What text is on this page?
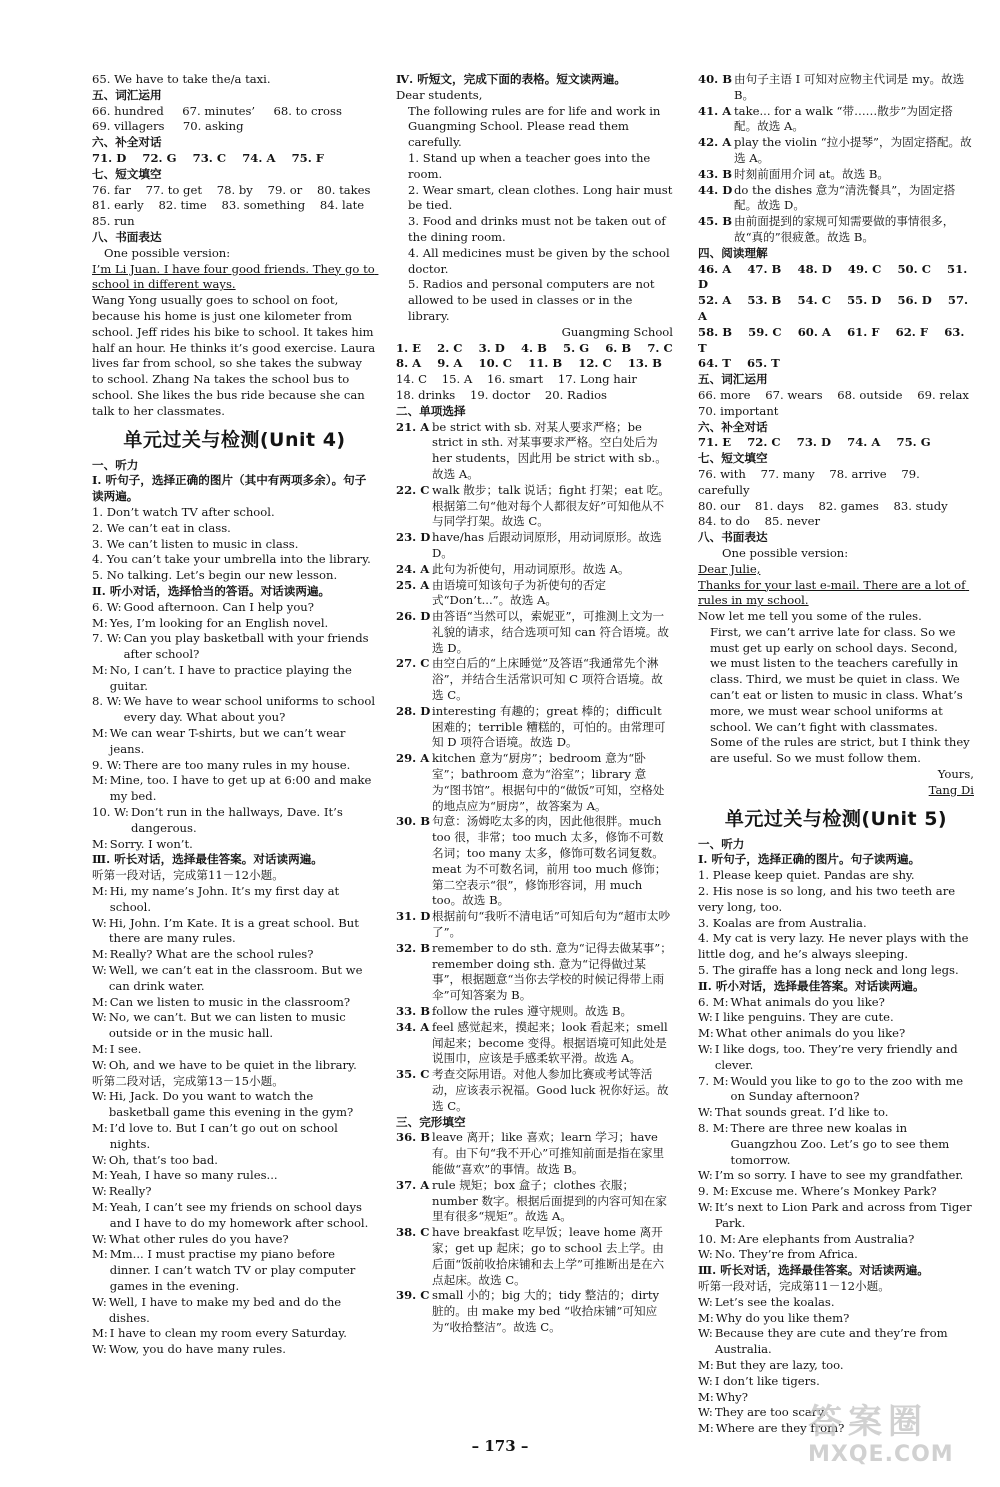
65. We have to take the/a taxi.
五、词汇运用
66. hundred     67. minutes’     68. to cross
69. villagers     70. asking
六、补全对话
71. D    72. G    73. C    74. A    75. F
七、短文填空
76. far    77. to get    78. by    79. or    80. takes
81. early    82. time    83. something    84. late
85. run
八、书面表达
One possible version:
I’m Li Juan. I have four good friends. They go to school in different ways.
Wang Yong usually goes to school on foot, because his home is just one kilometer from school. Jeff rides his bike to school. It takes him half an hour. He thinks it’s good exercise. Laura lives far from school, so she takes the subway to school. Zhang Na takes the school bus to school. She likes the bus ride because she can talk to her classmates.
单元过关与检测(Unit 4)
一、听力
Ⅰ. 听句子，选择正确的图片（其中有两项多余）。句子读两遍。
1. Don’t watch TV after school.
2. We can’t eat in class.
3. We can’t listen to music in class.
4. You can’t take your umbrella into the library.
5. No talking. Let’s begin our new lesson.
Ⅱ. 听小对话，选择恰当的答语。对话读两遍。
6. W: Good afternoon. Can I help you?
M: Yes, I’m looking for an English novel.
7. W: Can you play basketball with your friends after school?
M: No, I can’t. I have to practice playing the guitar.
8. W: We have to wear school uniforms to school every day. What about you?
M: We can wear T-shirts, but we can’t wear jeans.
9. W: There are too many rules in my house.
M: Mine, too. I have to get up at 6:00 and make my bed.
10. W: Don’t run in the hallways, Dave. It’s dangerous.
M: Sorry. I won’t.
Ⅲ. 听长对话，选择最佳答案。对话读两遍。
听第一段对话，完成第11－12小题。
M: Hi, my name’s John. It’s my first day at school.
W: Hi, John. I’m Kate. It is a great school. But there are many rules.
M: Really? What are the school rules?
W: Well, we can’t eat in the classroom. But we can drink water.
M: Can we listen to music in the classroom?
W: No, we can’t. But we can listen to music outside or in the music hall.
M: I see.
W: Oh, and we have to be quiet in the library.
听第二段对话，完成第13－15小题。
W: Hi, Jack. Do you want to watch the basketball game this evening in the gym?
M: I’d love to. But I can’t go out on school nights.
W: Oh, that’s too bad.
M: Yeah, I have so many rules...
W: Really?
M: Yeah, I can’t see my friends on school days and I have to do my homework after school.
W: What other rules do you have?
M: Mm... I must practise my piano before dinner. I can’t watch TV or play computer games in the evening.
W: Well, I have to make my bed and do the dishes.
M: I have to clean my room every Saturday.
W: Wow, you do have many rules.
Ⅳ. 听短文，完成下面的表格。短文读两遍。
Dear students,
The following rules are for life and work in Guangming School. Please read them carefully.
1. Stand up when a teacher goes into the room.
2. Wear smart, clean clothes. Long hair must be tied.
3. Food and drinks must not be taken out of the dining room.
4. All medicines must be given by the school doctor.
5. Radios and personal computers are not allowed to be used in classes or in the library.
Guangming School
1. E    2. C    3. D    4. B    5. G    6. B    7. C
8. A    9. A    10. C    11. B    12. C    13. B
14. C    15. A    16. smart    17. Long hair
18. drinks    19. doctor    20. Radios
二、单项选择
21. A be strict with sb. 对某人要求严格；be strict in sth. 对某事要求严格。空白处后为 her students，因此用 be strict with sb.。故选 A。
22. C walk 散步；talk 说话；fight 打架；eat 吃。根据第二句“他对每个人都很友好”可知他从不与同学打架。故选 C。
23. D have/has 后跟动词原形，用动词原形。故选 D。
24. A 此句为祈使句，用动词原形。故选 A。
25. A 由语境可知该句子为祈使句的否定式“Don’t...”。故选 A。
26. D 由答语“当然可以，索妮亚”，可推测上文为一礼貌的请求，结合选项可知 can 符合语境。故选 D。
27. C 由空白后的“上床睡觉”及答语“我通常先个淋浴”，并结合生活常识可知 C 项符合语境。故选 C。
28. D interesting 有趣的；great 棒的；difficult 困难的；terrible 糟糕的，可怕的。由常理可知 D 项符合语境。故选 D。
29. A kitchen 意为“厨房”；bedroom 意为“卧室”；bathroom 意为“浴室”；library 意为“图书馆”。根据句中的“做饭”可知，空格处的地点应为“厨房”，故答案为 A。
30. B 句意：汤姆吃太多的肉，因此他很胖。much too 很，非常；too much 太多，修饰不可数名词；too many 太多，修饰可数名词复数。meat 为不可数名词，前用 too much 修饰；第二空表示“很”，修饰形容词，用 much too。故选 B。
31. D 根据前句“我听不清电话”可知后句为“超市太吵了”。
32. B remember to do sth. 意为“记得去做某事”；remember doing sth. 意为“记得做过某事”，根据题意“当你去学校的时候记得带上雨伞”可知答案为 B。
33. B follow the rules 遵守规则。故选 B。
34. A feel 感觉起来，摸起来；look 看起来；smell 闻起来；become 变得。根据语境可知此处是说围巾，应该是手感柔软平滑。故选 A。
35. C 考查交际用语。对他人参加比赛或考试等活动，应该表示祝福。Good luck 祝你好运。故选 C。
三、完形填空
36. B leave 离开；like 喜欢；learn 学习；have 有。由下句“我不开心”可推知前面是指在家里能做“喜欢”的事情。故选 B。
37. A rule 规矩；box 盒子；clothes 衣服；number 数字。根据后面提到的内容可知在家里有很多“规矩”。故选 A。
38. C have breakfast 吃早饭；leave home 离开家；get up 起床；go to school 去上学。由后面“饭前收拾床铺和去上学”可推断出是在六点起床。故选 C。
39. C small 小的；big 大的；tidy 整洁的；dirty 脏的。由 make my bed “收拾床铺”可知应为“收拾整洁”。故选 C。
40. B 由句子主语 I 可知对应物主代词是 my。故选 B。
41. A take... for a walk “带……散步”为固定搭配。故选 A。
42. A play the violin “拉小提琴”，为固定搭配。故选 A。
43. B 时刻前面用介词 at。故选 B。
44. D do the dishes 意为“清洗餐具”，为固定搭配。故选 D。
45. B 由前面提到的家规可知需要做的事情很多，故“真的”很疲惫。故选 B。
四、阅读理解
46. A    47. B    48. D    49. C    50. C    51. D
52. A    53. B    54. C    55. D    56. D    57. A
58. B    59. C    60. A    61. F    62. F    63. T
64. T    65. T
五、词汇运用
66. more    67. wears    68. outside    69. relax
70. important
六、补全对话
71. E    72. C    73. D    74. A    75. G
七、短文填空
76. with    77. many    78. arrive    79. carefully
80. our    81. days    82. games    83. study
84. to do    85. never
八、书面表达
One possible version:
Dear Julie,
Thanks for your last e-mail. There are a lot of rules in my school.
Now let me tell you some of the rules.
First, we can’t arrive late for class. So we must get up early on school days. Second, we must listen to the teachers carefully in class. Third, we must be quiet in class. We can’t eat or listen to music in class. What’s more, we must wear school uniforms at school. We can’t fight with classmates.
Some of the rules are strict, but I think they are useful. So we must follow them.
Yours,
Tang Di
单元过关与检测(Unit 5)
一、听力
Ⅰ. 听句子，选择正确的图片。句子读两遍。
1. Please keep quiet. Pandas are shy.
2. His nose is so long, and his two teeth are very long, too.
3. Koalas are from Australia.
4. My cat is very lazy. He never plays with the little dog, and he’s always sleeping.
5. The giraffe has a long neck and long legs.
Ⅱ. 听小对话，选择最佳答案。对话读两遍。
6. M: What animals do you like?
W: I like penguins. They are cute.
M: What other animals do you like?
W: I like dogs, too. They’re very friendly and clever.
7. M: Would you like to go to the zoo with me on Sunday afternoon?
W: That sounds great. I’d like to.
8. M: There are three new koalas in Guangzhou Zoo. Let’s go to see them tomorrow.
W: I’m so sorry. I have to see my grandfather.
9. M: Excuse me. Where’s Monkey Park?
W: It’s next to Lion Park and across from Tiger Park.
10. M: Are elephants from Australia?
W: No. They’re from Africa.
Ⅲ. 听长对话，选择最佳答案。对话读两遍。
听第一段对话，完成第11－12小题。
W: Let’s see the koalas.
M: Why do you like them?
W: Because they are cute and they’re from Australia.
M: But they are lazy, too.
W: I don’t like tigers.
M: Why?
W: They are too scary.
M: Where are they from?
– 173 –
答案圈
MXQE.COM
